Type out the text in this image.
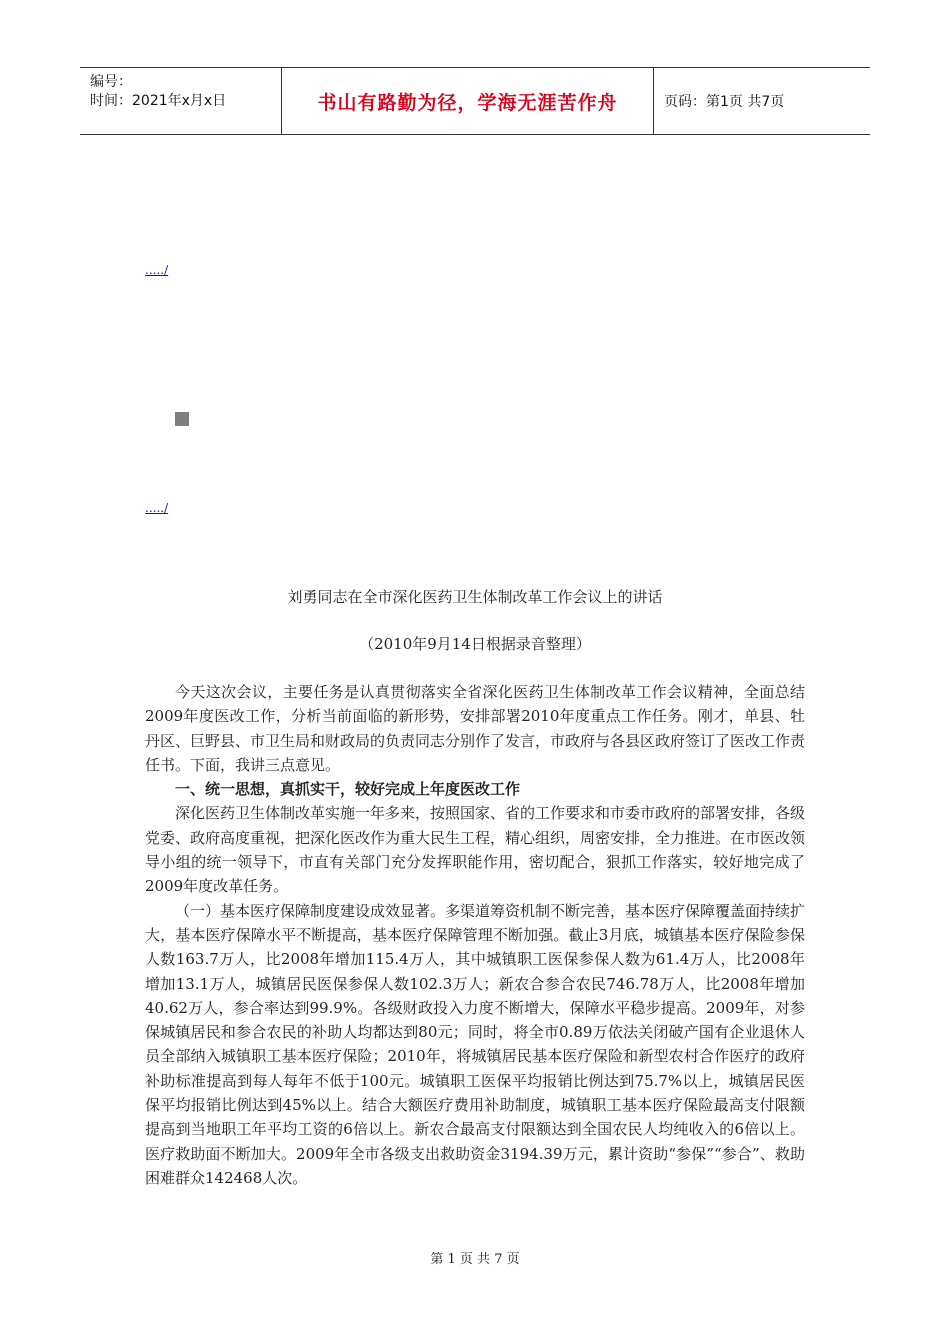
编号：
时间：2021年x月x日	书山有路勤为径，学海无涯苦作舟	页码：第1页 共7页
...../
...../
刘勇同志在全市深化医药卫生体制改革工作会议上的讲话
（2010年9月14日根据录音整理）

今天这次会议，主要任务是认真贯彻落实全省深化医药卫生体制改革工作会议精神，全面总结2009年度医改工作，分析当前面临的新形势，安排部署2010年度重点工作任务。刚才，单县、牡丹区、巨野县、市卫生局和财政局的负责同志分别作了发言，市政府与各县区政府签订了医改工作责任书。下面，我讲三点意见。

一、统一思想，真抓实干，较好完成上年度医改工作

深化医药卫生体制改革实施一年多来，按照国家、省的工作要求和市委市政府的部署安排，各级党委、政府高度重视，把深化医改作为重大民生工程，精心组织，周密安排，全力推进。在市医改领导小组的统一领导下，市直有关部门充分发挥职能作用，密切配合，狠抓工作落实，较好地完成了2009年度改革任务。

（一）基本医疗保障制度建设成效显著。多渠道筹资机制不断完善，基本医疗保障覆盖面持续扩大，基本医疗保障水平不断提高，基本医疗保障管理不断加强。截止3月底，城镇基本医疗保险参保人数163.7万人，比2008年增加115.4万人，其中城镇职工医保参保人数为61.4万人，比2008年增加13.1万人，城镇居民医保参保人数102.3万人；新农合参合农民746.78万人，比2008年增加40.62万人，参合率达到99.9%。各级财政投入力度不断增大，保障水平稳步提高。2009年，对参保城镇居民和参合农民的补助人均都达到80元；同时，将全市0.89万依法关闭破产国有企业退休人员全部纳入城镇职工基本医疗保险；2010年，将城镇居民基本医疗保险和新型农村合作医疗的政府补助标准提高到每人每年不低于100元。城镇职工医保平均报销比例达到75.7%以上，城镇居民医保平均报销比例达到45%以上。结合大额医疗费用补助制度，城镇职工基本医疗保险最高支付限额提高到当地职工年平均工资的6倍以上。新农合最高支付限额达到全国农民人均纯收入的6倍以上。医疗救助面不断加大。2009年全市各级支出救助资金3194.39万元，累计资助“参保”“参合”、救助困难群众142468人次。

第 1 页 共 7 页
